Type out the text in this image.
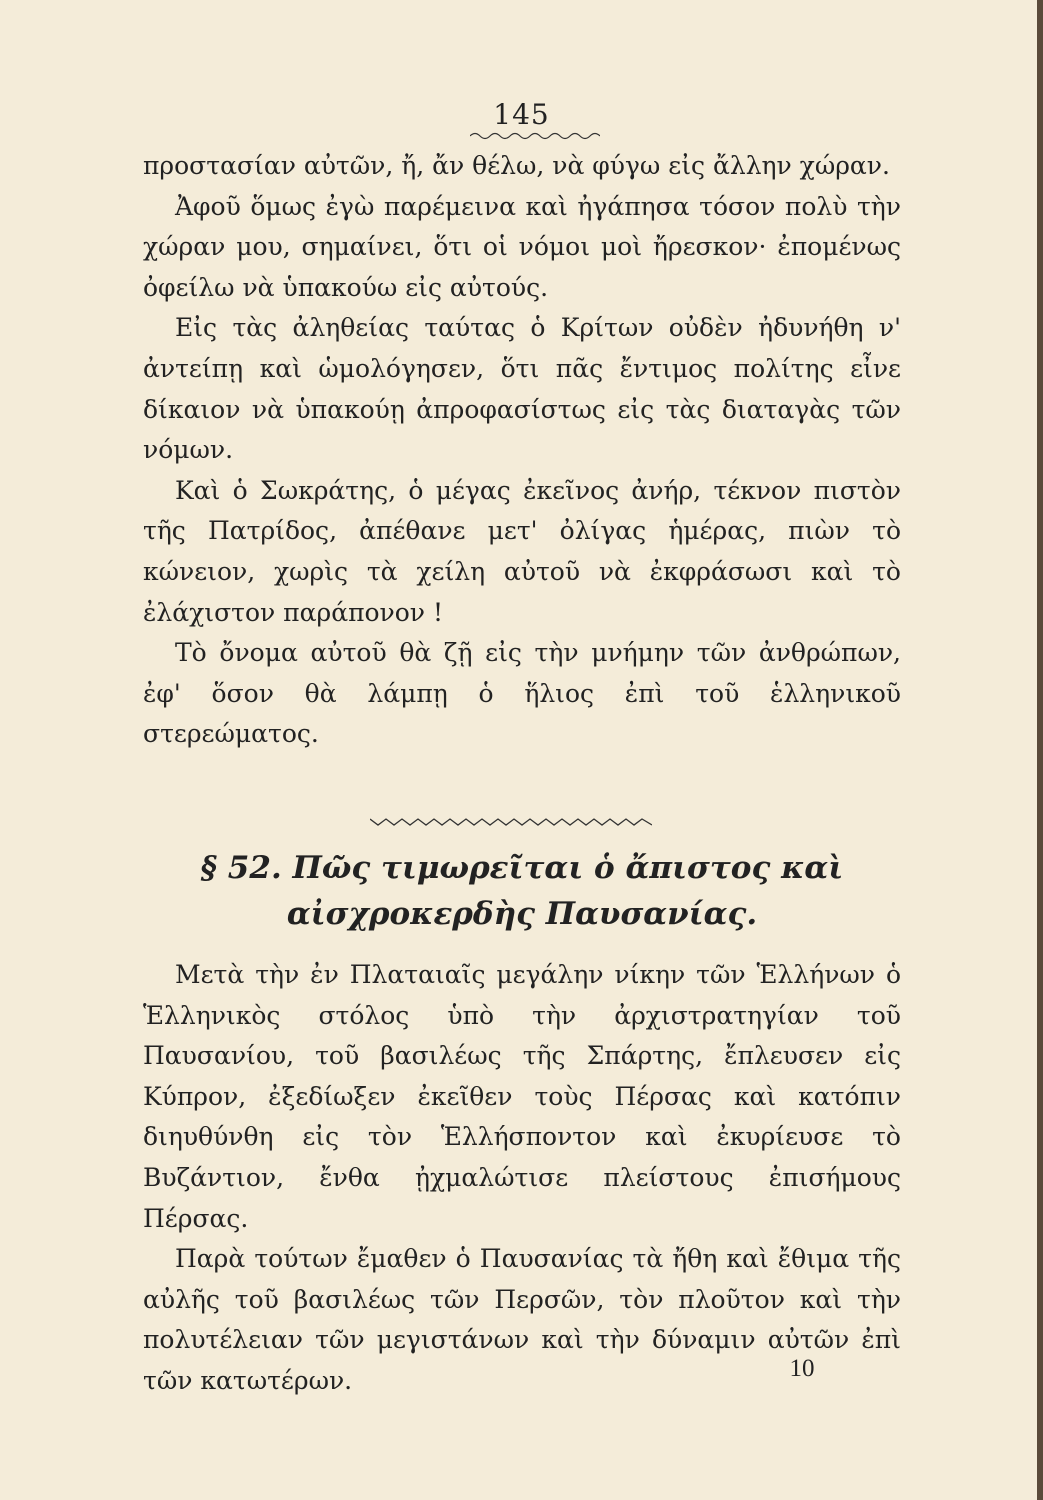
145

προστασίαν αὐτῶν, ἤ, ἄν θέλω, νὰ φύγω εἰς ἄλλην χώραν.

Ἀφοῦ ὅμως ἐγὼ παρέμεινα καὶ ἠγάπησα τόσον πολὺ τὴν χώραν μου, σημαίνει, ὅτι οἱ νόμοι μοὶ ἤρεσκον· ἐπομένως ὀφείλω νὰ ὑπακούω εἰς αὐτούς.

Εἰς τὰς ἀληθείας ταύτας ὁ Κρίτων οὐδὲν ἠδυνήθη ν' ἀντείπῃ καὶ ὡμολόγησεν, ὅτι πᾶς ἔντιμος πολίτης εἶνε δίκαιον νὰ ὑπακούῃ ἀπροφασίστως εἰς τὰς διαταγὰς τῶν νόμων.

Καὶ ὁ Σωκράτης, ὁ μέγας ἐκεῖνος ἀνήρ, τέκνον πιστὸν τῆς Πατρίδος, ἀπέθανε μετ' ὀλίγας ἡμέρας, πιὼν τὸ κώνειον, χωρὶς τὰ χείλη αὐτοῦ νὰ ἐκφράσωσι καὶ τὸ ἐλάχιστον παράπονον !

Τὸ ὄνομα αὐτοῦ θὰ ζῇ εἰς τὴν μνήμην τῶν ἀνθρώπων, ἐφ' ὅσον θὰ λάμπῃ ὁ ἥλιος ἐπὶ τοῦ ἑλληνικοῦ στερεώματος.

§ 52. Πῶς τιμωρεῖται ὁ ἄπιστος καὶ
αἰσχροκερδὴς Παυσανίας.

Μετὰ τὴν ἐν Πλαταιαῖς μεγάλην νίκην τῶν Ἑλλήνων ὁ Ἑλληνικὸς στόλος ὑπὸ τὴν ἀρχιστρατηγίαν τοῦ Παυσανίου, τοῦ βασιλέως τῆς Σπάρτης, ἔπλευσεν εἰς Κύπρον, ἐξεδίωξεν ἐκεῖθεν τοὺς Πέρσας καὶ κατόπιν διηυθύνθη εἰς τὸν Ἑλλήσποντον καὶ ἐκυρίευσε τὸ Βυζάντιον, ἔνθα ᾐχμαλώτισε πλείστους ἐπισήμους Πέρσας.

Παρὰ τούτων ἔμαθεν ὁ Παυσανίας τὰ ἤθη καὶ ἔθιμα τῆς αὐλῆς τοῦ βασιλέως τῶν Περσῶν, τὸν πλοῦτον καὶ τὴν πολυτέλειαν τῶν μεγιστάνων καὶ τὴν δύναμιν αὐτῶν ἐπὶ τῶν κατωτέρων.	10
